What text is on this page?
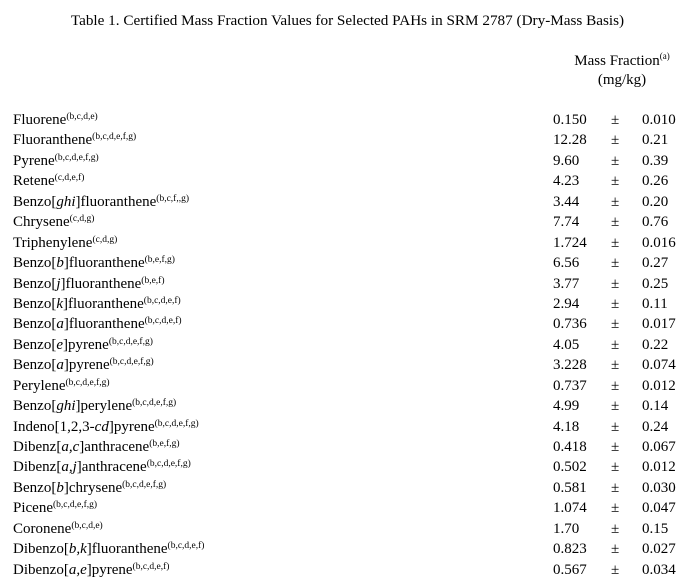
Table 1. Certified Mass Fraction Values for Selected PAHs in SRM 2787 (Dry-Mass Basis)
Mass Fraction$^{(a)}$
(mg/kg)
Fluorene$^{(b,c,d,e)}$	0.150 ± 0.010
Fluoranthene$^{(b,c,d,e,f,g)}$	12.28 ± 0.21
Pyrene$^{(b,c,d,e,f,g)}$	9.60 ± 0.39
Retene$^{(c,d,e,f)}$	4.23 ± 0.26
Benzo[ghi]fluoranthene$^{(b,c,f,,g)}$	3.44 ± 0.20
Chrysene$^{(c,d,g)}$	7.74 ± 0.76
Triphenylene$^{(c,d,g)}$	1.724 ± 0.016
Benzo[b]fluoranthene$^{(b,e,f,g)}$	6.56 ± 0.27
Benzo[j]fluoranthene$^{(b,e,f)}$	3.77 ± 0.25
Benzo[k]fluoranthene$^{(b,c,d,e,f)}$	2.94 ± 0.11
Benzo[a]fluoranthene$^{(b,c,d,e,f)}$	0.736 ± 0.017
Benzo[e]pyrene$^{(b,c,d,e,f,g)}$	4.05 ± 0.22
Benzo[a]pyrene$^{(b,c,d,e,f,g)}$	3.228 ± 0.074
Perylene$^{(b,c,d,e,f,g)}$	0.737 ± 0.012
Benzo[ghi]perylene$^{(b,c,d,e,f,g)}$	4.99 ± 0.14
Indeno[1,2,3-cd]pyrene$^{(b,c,d,e,f,g)}$	4.18 ± 0.24
Dibenz[a,c]anthracene$^{(b,e,f,g)}$	0.418 ± 0.067
Dibenz[a,j]anthracene$^{(b,c,d,e,f,g)}$	0.502 ± 0.012
Benzo[b]chrysene$^{(b,c,d,e,f,g)}$	0.581 ± 0.030
Picene$^{(b,c,d,e,f,g)}$	1.074 ± 0.047
Coronene$^{(b,c,d,e)}$	1.70 ± 0.15
Dibenzo[b,k]fluoranthene$^{(b,c,d,e,f)}$	0.823 ± 0.027
Dibenzo[a,e]pyrene$^{(b,c,d,e,f)}$	0.567 ± 0.034
